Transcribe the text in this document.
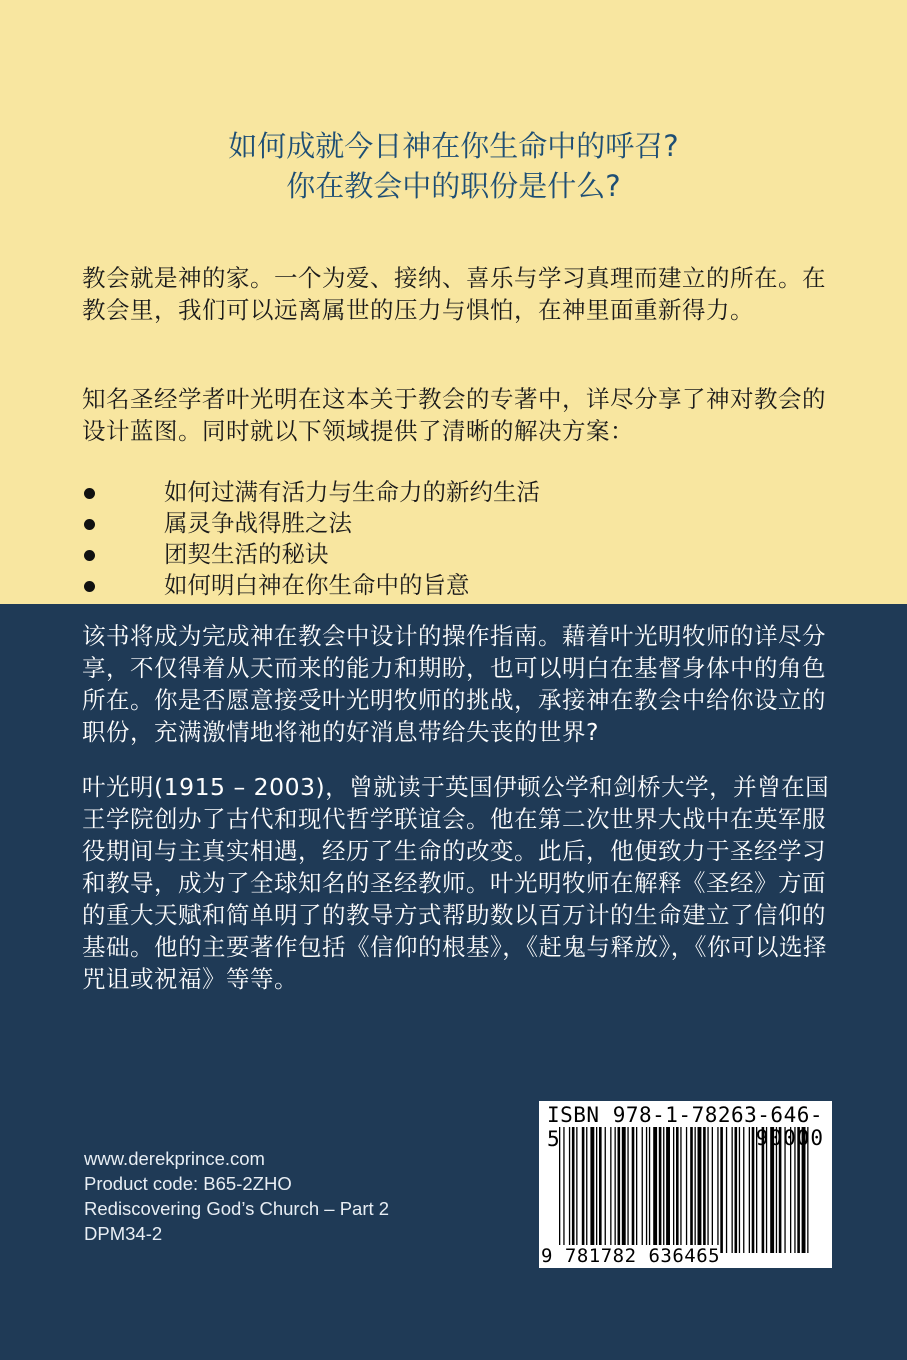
如何成就今日神在你生命中的呼召?
你在教会中的职份是什么?
教会就是神的家。一个为爱、接纳、喜乐与学习真理而建立的所在。在教会里，我们可以远离属世的压力与惧怕，在神里面重新得力。
知名圣经学者叶光明在这本关于教会的专著中，详尽分享了神对教会的设计蓝图。同时就以下领域提供了清晰的解决方案：
如何过满有活力与生命力的新约生活
属灵争战得胜之法
团契生活的秘诀
如何明白神在你生命中的旨意
该书将成为完成神在教会中设计的操作指南。藉着叶光明牧师的详尽分享，不仅得着从天而来的能力和期盼，也可以明白在基督身体中的角色所在。你是否愿意接受叶光明牧师的挑战，承接神在教会中给你设立的职份，充满激情地将祂的好消息带给失丧的世界?
叶光明(1915 – 2003)，曾就读于英国伊顿公学和剑桥大学，并曾在国王学院创办了古代和现代哲学联谊会。他在第二次世界大战中在英军服役期间与主真实相遇，经历了生命的改变。此后，他便致力于圣经学习和教导，成为了全球知名的圣经教师。叶光明牧师在解释《圣经》方面的重大天赋和简单明了的教导方式帮助数以百万计的生命建立了信仰的基础。他的主要著作包括《信仰的根基》，《赶鬼与释放》，《你可以选择咒诅或祝福》等等。
www.derekprince.com
Product code: B65-2ZHO
Rediscovering God’s Church – Part 2
DPM34-2
ISBN 978-1-78263-646-5	90000
9 781782 636465
